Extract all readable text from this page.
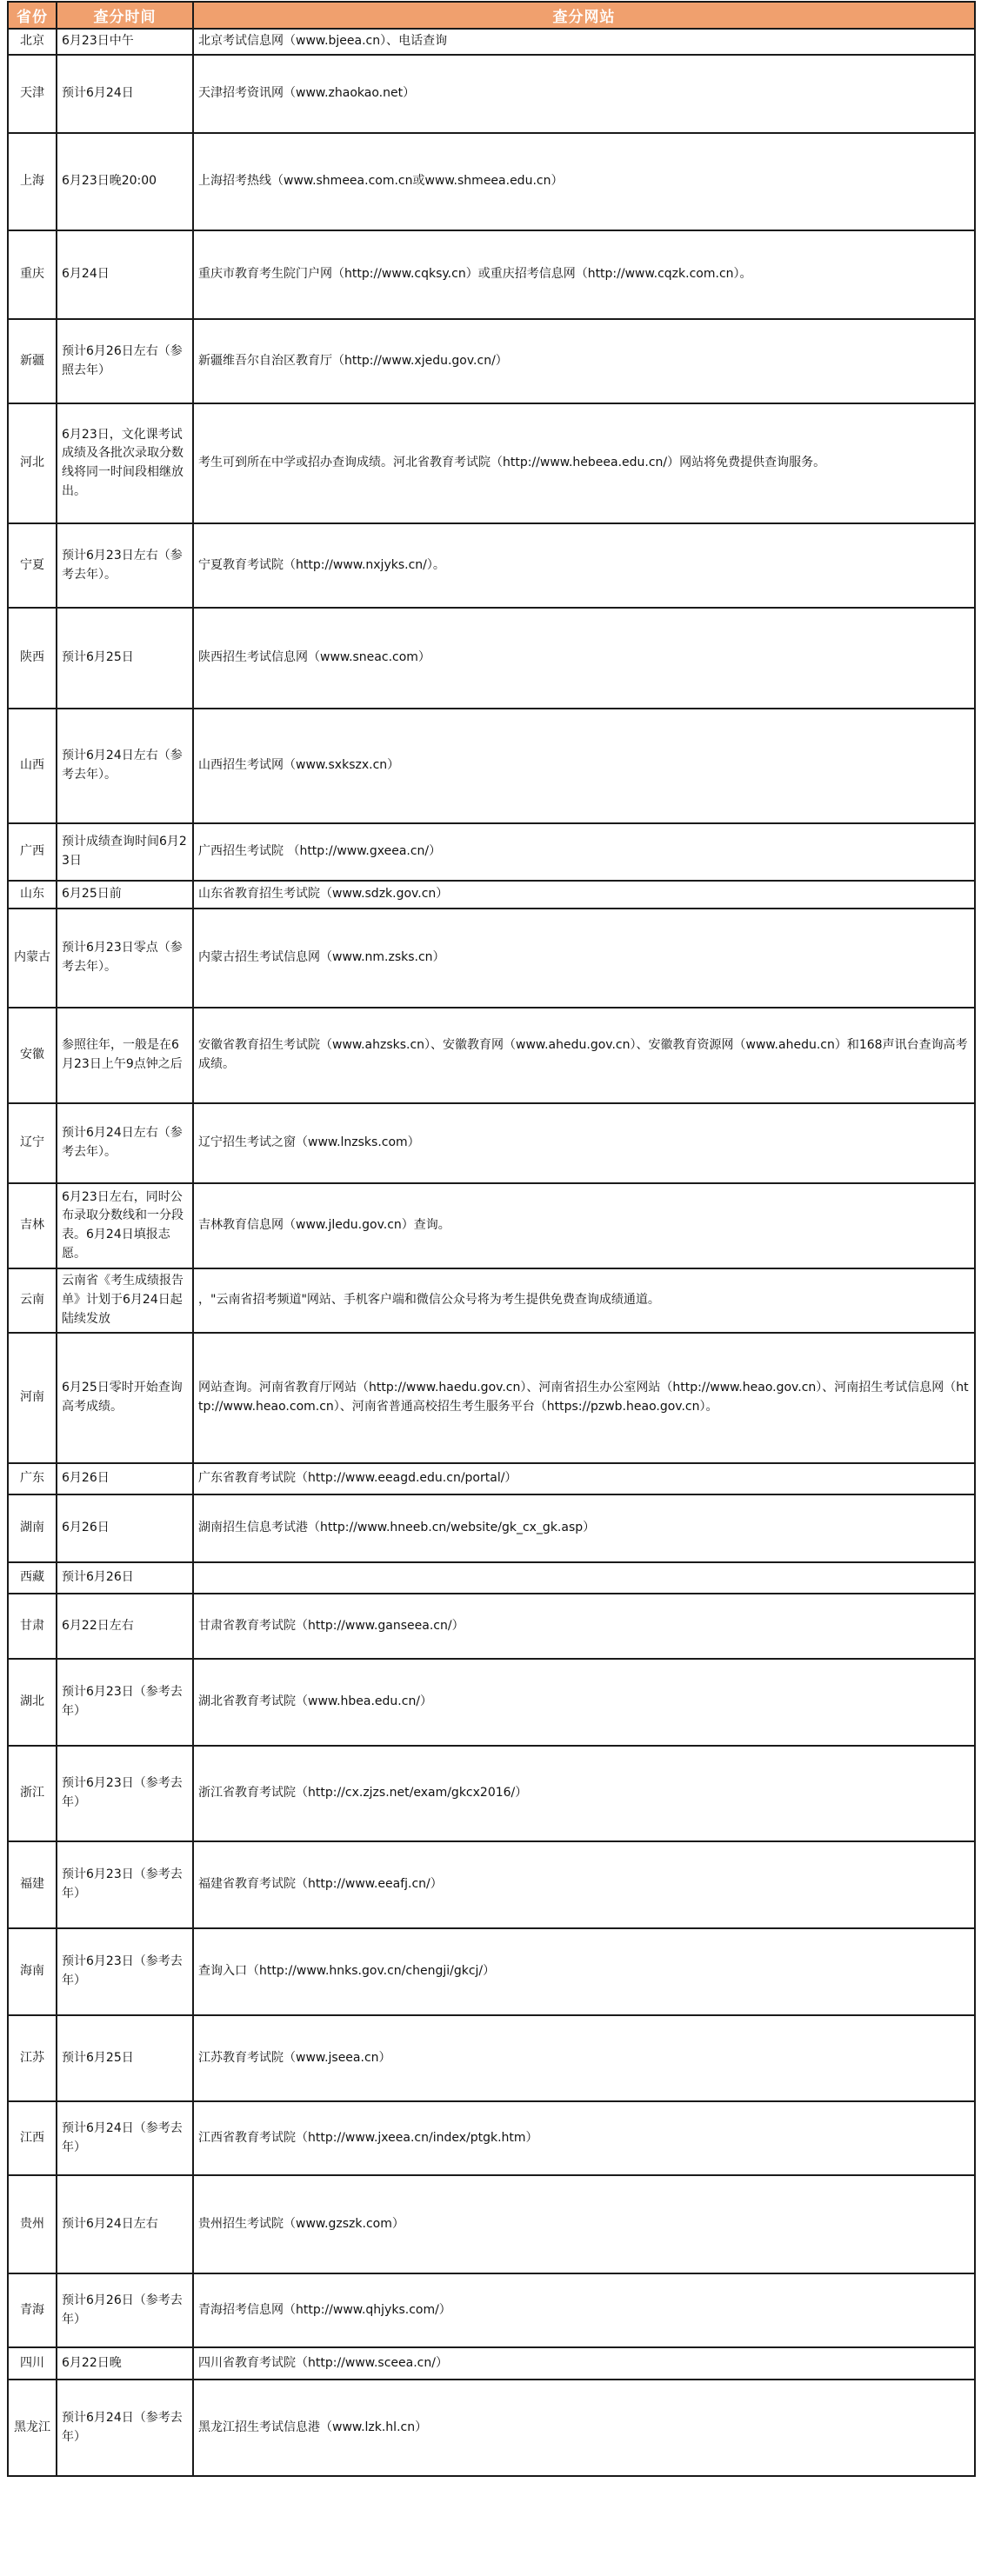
省份	查分时间	查分网站
北京	6月23日中午	北京考试信息网（www.bjeea.cn）、电话查询
天津	预计6月24日	天津招考资讯网（www.zhaokao.net）
上海	6月23日晚20:00	上海招考热线（www.shmeea.com.cn或www.shmeea.edu.cn）
重庆	6月24日	重庆市教育考生院门户网（http://www.cqksy.cn）或重庆招考信息网（http://www.cqzk.com.cn）。
新疆	预计6月26日左右（参照去年）	新疆维吾尔自治区教育厅（http://www.xjedu.gov.cn/）
河北	6月23日，文化课考试成绩及各批次录取分数线将同一时间段相继放出。	考生可到所在中学或招办查询成绩。河北省教育考试院（http://www.hebeea.edu.cn/）网站将免费提供查询服务。
宁夏	预计6月23日左右（参考去年）。	宁夏教育考试院（http://www.nxjyks.cn/）。
陕西	预计6月25日	陕西招生考试信息网（www.sneac.com）
山西	预计6月24日左右（参考去年）。	山西招生考试网（www.sxkszx.cn）
广西	预计成绩查询时间6月23日	广西招生考试院 （http://www.gxeea.cn/）
山东	6月25日前	山东省教育招生考试院（www.sdzk.gov.cn）
内蒙古	预计6月23日零点（参考去年）。	内蒙古招生考试信息网（www.nm.zsks.cn）
安徽	参照往年，一般是在6月23日上午9点钟之后	安徽省教育招生考试院（www.ahzsks.cn）、安徽教育网（www.ahedu.gov.cn）、安徽教育资源网（www.ahedu.cn）和168声讯台查询高考成绩。
辽宁	预计6月24日左右（参考去年）。	辽宁招生考试之窗（www.lnzsks.com）
吉林	6月23日左右，同时公布录取分数线和一分段表。6月24日填报志愿。	吉林教育信息网（www.jledu.gov.cn）查询。
云南	云南省《考生成绩报告单》计划于6月24日起陆续发放	，"云南省招考频道"网站、手机客户端和微信公众号将为考生提供免费查询成绩通道。
河南	6月25日零时开始查询高考成绩。	网站查询。河南省教育厅网站（http://www.haedu.gov.cn）、河南省招生办公室网站（http://www.heao.gov.cn）、河南招生考试信息网（http://www.heao.com.cn）、河南省普通高校招生考生服务平台（https://pzwb.heao.gov.cn）。
广东	6月26日	广东省教育考试院（http://www.eeagd.edu.cn/portal/）
湖南	6月26日	湖南招生信息考试港（http://www.hneeb.cn/website/gk_cx_gk.asp）
西藏	预计6月26日	
甘肃	6月22日左右	甘肃省教育考试院（http://www.ganseea.cn/）
湖北	预计6月23日（参考去年）	湖北省教育考试院（www.hbea.edu.cn/）
浙江	预计6月23日（参考去年）	浙江省教育考试院（http://cx.zjzs.net/exam/gkcx2016/）
福建	预计6月23日（参考去年）	福建省教育考试院（http://www.eeafj.cn/）
海南	预计6月23日（参考去年）	查询入口（http://www.hnks.gov.cn/chengji/gkcj/）
江苏	预计6月25日	江苏教育考试院（www.jseea.cn）
江西	预计6月24日（参考去年）	江西省教育考试院（http://www.jxeea.cn/index/ptgk.htm）
贵州	预计6月24日左右	贵州招生考试院（www.gzszk.com）
青海	预计6月26日（参考去年）	青海招考信息网（http://www.qhjyks.com/）
四川	6月22日晚	四川省教育考试院（http://www.sceea.cn/）
黑龙江	预计6月24日（参考去年）	黑龙江招生考试信息港（www.lzk.hl.cn）
